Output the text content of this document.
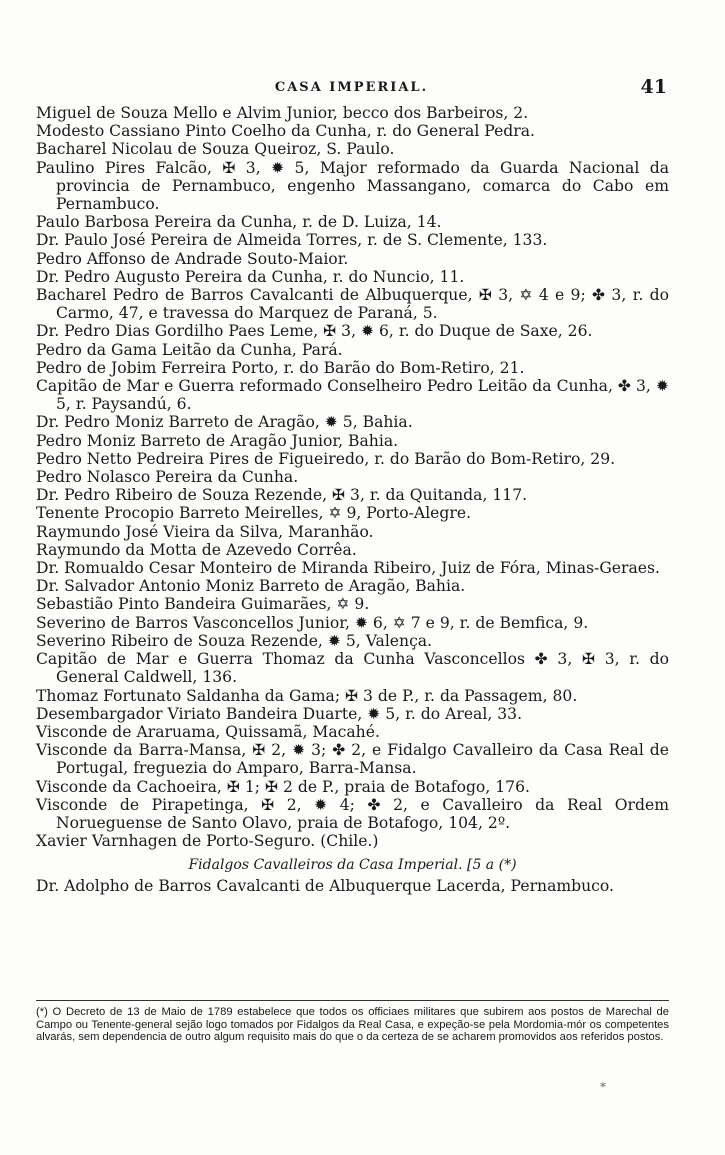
CASA IMPERIAL.	41
Miguel de Souza Mello e Alvim Junior, becco dos Barbeiros, 2.
Modesto Cassiano Pinto Coelho da Cunha, r. do General Pedra.
Bacharel Nicolau de Souza Queiroz, S. Paulo.
Paulino Pires Falcão, ✠ 3, ✹ 5, Major reformado da Guarda Nacional da provincia de Pernambuco, engenho Massangano, comarca do Cabo em Pernambuco.
Paulo Barbosa Pereira da Cunha, r. de D. Luiza, 14.
Dr. Paulo José Pereira de Almeida Torres, r. de S. Clemente, 133.
Pedro Affonso de Andrade Souto-Maior.
Dr. Pedro Augusto Pereira da Cunha, r. do Nuncio, 11.
Bacharel Pedro de Barros Cavalcanti de Albuquerque, ✠ 3, ✡ 4 e 9; ✤ 3, r. do Carmo, 47, e travessa do Marquez de Paraná, 5.
Dr. Pedro Dias Gordilho Paes Leme, ✠ 3, ✹ 6, r. do Duque de Saxe, 26.
Pedro da Gama Leitão da Cunha, Pará.
Pedro de Jobim Ferreira Porto, r. do Barão do Bom-Retiro, 21.
Capitão de Mar e Guerra reformado Conselheiro Pedro Leitão da Cunha, ✤ 3, ✹ 5, r. Paysandú, 6.
Dr. Pedro Moniz Barreto de Aragão, ✹ 5, Bahia.
Pedro Moniz Barreto de Aragão Junior, Bahia.
Pedro Netto Pedreira Pires de Figueiredo, r. do Barão do Bom-Retiro, 29.
Pedro Nolasco Pereira da Cunha.
Dr. Pedro Ribeiro de Souza Rezende, ✠ 3, r. da Quitanda, 117.
Tenente Procopio Barreto Meirelles, ✡ 9, Porto-Alegre.
Raymundo José Vieira da Silva, Maranhão.
Raymundo da Motta de Azevedo Corrêa.
Dr. Romualdo Cesar Monteiro de Miranda Ribeiro, Juiz de Fóra, Minas-Geraes.
Dr. Salvador Antonio Moniz Barreto de Aragão, Bahia.
Sebastião Pinto Bandeira Guimarães, ✡ 9.
Severino de Barros Vasconcellos Junior, ✹ 6, ✡ 7 e 9, r. de Bemfica, 9.
Severino Ribeiro de Souza Rezende, ✹ 5, Valença.
Capitão de Mar e Guerra Thomaz da Cunha Vasconcellos ✤ 3, ✠ 3, r. do General Caldwell, 136.
Thomaz Fortunato Saldanha da Gama; ✠ 3 de P., r. da Passagem, 80.
Desembargador Viriato Bandeira Duarte, ✹ 5, r. do Areal, 33.
Visconde de Araruama, Quissamã, Macahé.
Visconde da Barra-Mansa, ✠ 2, ✹ 3; ✤ 2, e Fidalgo Cavalleiro da Casa Real de Portugal, freguezia do Amparo, Barra-Mansa.
Visconde da Cachoeira, ✠ 1; ✠ 2 de P., praia de Botafogo, 176.
Visconde de Pirapetinga, ✠ 2, ✹ 4; ✤ 2, e Cavalleiro da Real Ordem Norueguense de Santo Olavo, praia de Botafogo, 104, 2º.
Xavier Varnhagen de Porto-Seguro. (Chile.)
Fidalgos Cavalleiros da Casa Imperial. [5 a (*)
Dr. Adolpho de Barros Cavalcanti de Albuquerque Lacerda, Pernambuco.
(*) O Decreto de 13 de Maio de 1789 estabelece que todos os officiaes militares que subirem aos postos de Marechal de Campo ou Tenente-general sejão logo tomados por Fidalgos da Real Casa, e expeção-se pela Mordomia-mór os competentes alvarás, sem dependencia de outro algum requisito mais do que o da certeza de se acharem promovidos aos referidos postos.
*
